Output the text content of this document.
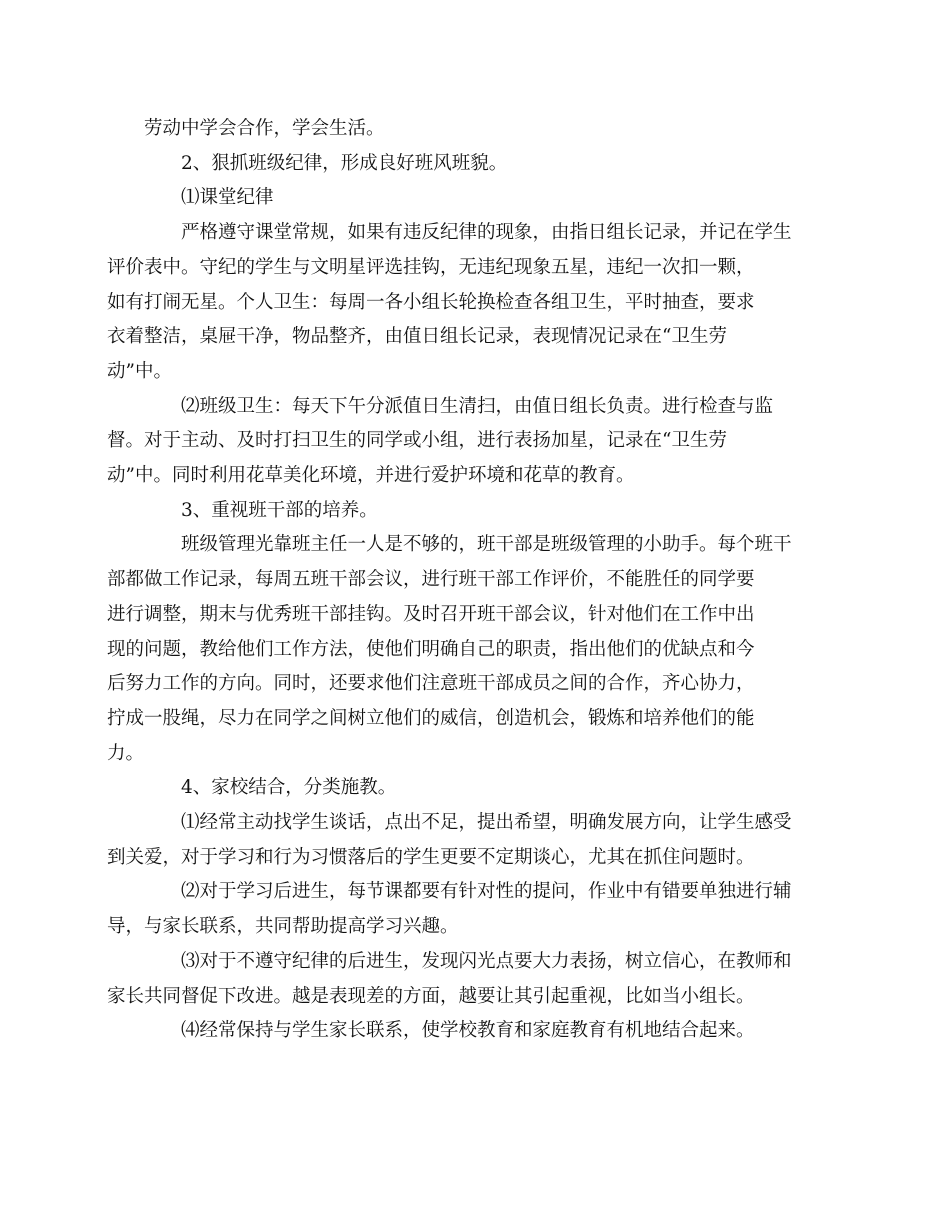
劳动中学会合作，学会生活。

2、狠抓班级纪律，形成良好班风班貌。

⑴课堂纪律

严格遵守课堂常规，如果有违反纪律的现象，由指日组长记录，并记在学生
评价表中。守纪的学生与文明星评选挂钩，无违纪现象五星，违纪一次扣一颗，
如有打闹无星。个人卫生：每周一各小组长轮换检查各组卫生，平时抽查，要求
衣着整洁，桌屉干净，物品整齐，由值日组长记录，表现情况记录在“卫生劳
动”中。

⑵班级卫生：每天下午分派值日生清扫，由值日组长负责。进行检查与监
督。对于主动、及时打扫卫生的同学或小组，进行表扬加星，记录在“卫生劳
动”中。同时利用花草美化环境，并进行爱护环境和花草的教育。

3、重视班干部的培养。

班级管理光靠班主任一人是不够的，班干部是班级管理的小助手。每个班干
部都做工作记录，每周五班干部会议，进行班干部工作评价，不能胜任的同学要
进行调整，期末与优秀班干部挂钩。及时召开班干部会议，针对他们在工作中出
现的问题，教给他们工作方法，使他们明确自己的职责，指出他们的优缺点和今
后努力工作的方向。同时，还要求他们注意班干部成员之间的合作，齐心协力，
拧成一股绳，尽力在同学之间树立他们的威信，创造机会，锻炼和培养他们的能
力。

4、家校结合，分类施教。

⑴经常主动找学生谈话，点出不足，提出希望，明确发展方向，让学生感受
到关爱，对于学习和行为习惯落后的学生更要不定期谈心，尤其在抓住问题时。

⑵对于学习后进生，每节课都要有针对性的提问，作业中有错要单独进行辅
导，与家长联系，共同帮助提高学习兴趣。

⑶对于不遵守纪律的后进生，发现闪光点要大力表扬，树立信心，在教师和
家长共同督促下改进。越是表现差的方面，越要让其引起重视，比如当小组长。

⑷经常保持与学生家长联系，使学校教育和家庭教育有机地结合起来。
